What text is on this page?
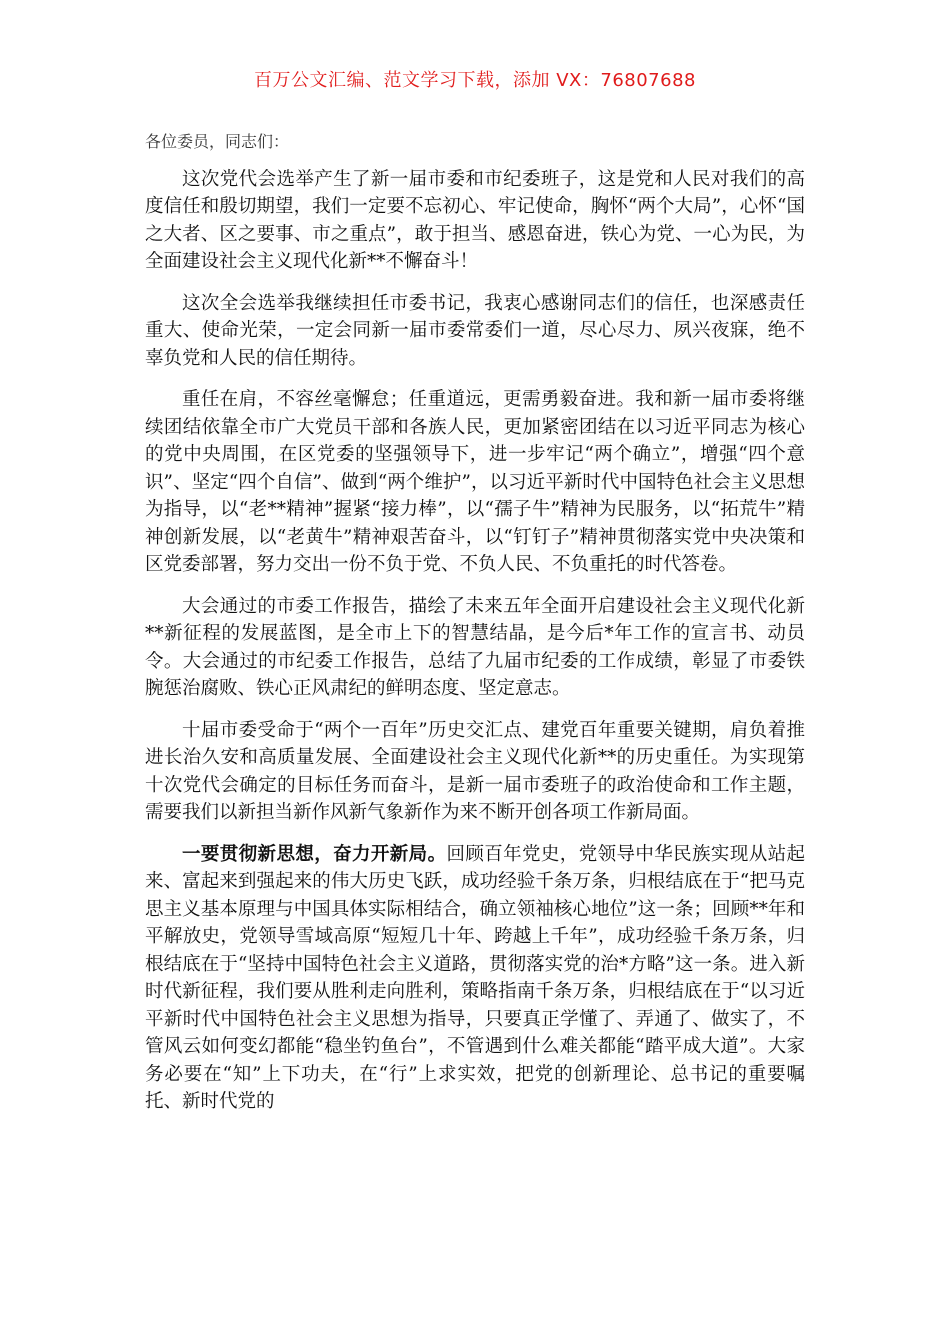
百万公文汇编、范文学习下载，添加 VX：76807688

各位委员，同志们：

这次党代会选举产生了新一届市委和市纪委班子，这是党和人民对我们的高度信任和殷切期望，我们一定要不忘初心、牢记使命，胸怀“两个大局”，心怀“国之大者、区之要事、市之重点”，敢于担当、感恩奋进，铁心为党、一心为民，为全面建设社会主义现代化新**不懈奋斗！

这次全会选举我继续担任市委书记，我衷心感谢同志们的信任，也深感责任重大、使命光荣，一定会同新一届市委常委们一道，尽心尽力、夙兴夜寐，绝不辜负党和人民的信任期待。

重任在肩，不容丝毫懈怠；任重道远，更需勇毅奋进。我和新一届市委将继续团结依靠全市广大党员干部和各族人民，更加紧密团结在以习近平同志为核心的党中央周围，在区党委的坚强领导下，进一步牢记“两个确立”，增强“四个意识”、坚定“四个自信”、做到“两个维护”，以习近平新时代中国特色社会主义思想为指导，以“老**精神”握紧“接力棒”，以“孺子牛”精神为民服务，以“拓荒牛”精神创新发展，以“老黄牛”精神艰苦奋斗，以“钉钉子”精神贯彻落实党中央决策和区党委部署，努力交出一份不负于党、不负人民、不负重托的时代答卷。

大会通过的市委工作报告，描绘了未来五年全面开启建设社会主义现代化新**新征程的发展蓝图，是全市上下的智慧结晶，是今后*年工作的宣言书、动员令。大会通过的市纪委工作报告，总结了九届市纪委的工作成绩，彰显了市委铁腕惩治腐败、铁心正风肃纪的鲜明态度、坚定意志。

十届市委受命于“两个一百年”历史交汇点、建党百年重要关键期，肩负着推进长治久安和高质量发展、全面建设社会主义现代化新**的历史重任。为实现第十次党代会确定的目标任务而奋斗，是新一届市委班子的政治使命和工作主题，需要我们以新担当新作风新气象新作为来不断开创各项工作新局面。

一要贯彻新思想，奋力开新局。回顾百年党史，党领导中华民族实现从站起来、富起来到强起来的伟大历史飞跃，成功经验千条万条，归根结底在于“把马克思主义基本原理与中国具体实际相结合，确立领袖核心地位”这一条；回顾**年和平解放史，党领导雪域高原“短短几十年、跨越上千年”，成功经验千条万条，归根结底在于“坚持中国特色社会主义道路，贯彻落实党的治*方略”这一条。进入新时代新征程，我们要从胜利走向胜利，策略指南千条万条，归根结底在于“以习近平新时代中国特色社会主义思想为指导，只要真正学懂了、弄通了、做实了，不管风云如何变幻都能“稳坐钓鱼台”，不管遇到什么难关都能“踏平成大道”。大家务必要在“知”上下功夫，在“行”上求实效，把党的创新理论、总书记的重要嘱托、新时代党的
